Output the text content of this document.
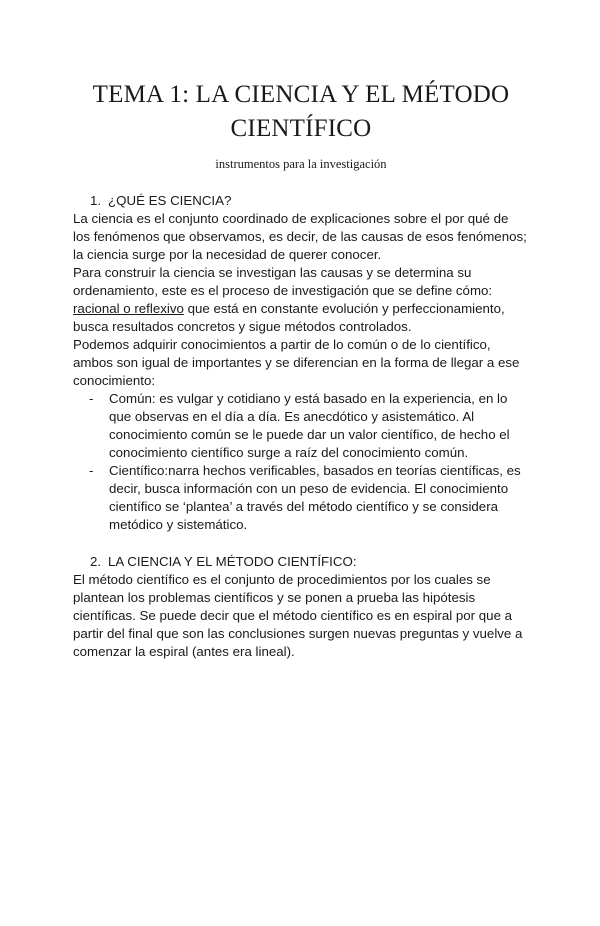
TEMA 1: LA CIENCIA Y EL MÉTODO CIENTÍFICO
instrumentos para la investigación
1. ¿QUÉ ES CIENCIA?

La ciencia es el conjunto coordinado de explicaciones sobre el por qué de los fenómenos que observamos, es decir, de las causas de esos fenómenos; la ciencia surge por la necesidad de querer conocer.

Para construir la ciencia se investigan las causas y se determina su ordenamiento, este es el proceso de investigación que se define cómo: racional o reflexivo que está en constante evolución y perfeccionamiento, busca resultados concretos y sigue métodos controlados.

Podemos adquirir conocimientos a partir de lo común o de lo científico, ambos son igual de importantes y se diferencian en la forma de llegar a ese conocimiento:

- Común: es vulgar y cotidiano y está basado en la experiencia, en lo que observas en el día a día. Es anecdótico y asistemático. Al conocimiento común se le puede dar un valor científico, de hecho el conocimiento científico surge a raíz del conocimiento común.
- Científico:narra hechos verificables, basados en teorías científicas, es decir, busca información con un peso de evidencia. El conocimiento científico se ‘plantea’ a través del método científico y se considera metódico y sistemático.
2. LA CIENCIA Y EL MÉTODO CIENTÍFICO:

El método científico es el conjunto de procedimientos por los cuales se plantean los problemas científicos y se ponen a prueba las hipótesis científicas. Se puede decir que el método científico es en espiral por que a partir del final que son las conclusiones surgen nuevas preguntas y vuelve a comenzar la espiral (antes era lineal).
